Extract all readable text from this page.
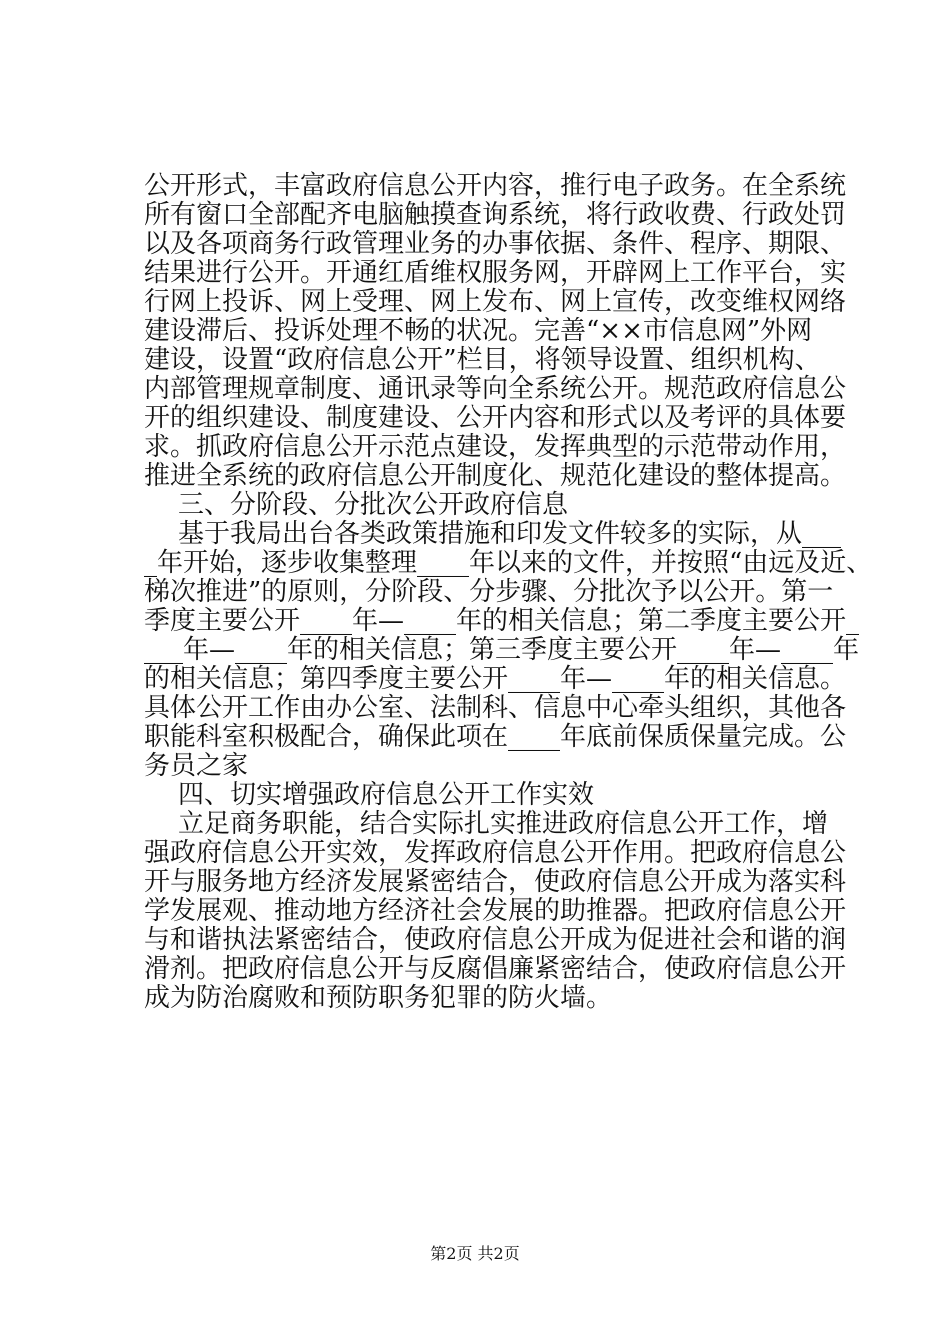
公开形式，丰富政府信息公开内容，推行电子政务。在全系统
所有窗口全部配齐电脑触摸查询系统，将行政收费、行政处罚
以及各项商务行政管理业务的办事依据、条件、程序、期限、
结果进行公开。开通红盾维权服务网，开辟网上工作平台，实
行网上投诉、网上受理、网上发布、网上宣传，改变维权网络
建设滞后、投诉处理不畅的状况。完善“××市信息网”外网
建设，设置“政府信息公开”栏目，将领导设置、组织机构、
内部管理规章制度、通讯录等向全系统公开。规范政府信息公
开的组织建设、制度建设、公开内容和形式以及考评的具体要
求。抓政府信息公开示范点建设，发挥典型的示范带动作用，
推进全系统的政府信息公开制度化、规范化建设的整体提高。
三、分阶段、分批次公开政府信息
基于我局出台各类政策措施和印发文件较多的实际，从___
_年开始，逐步收集整理____年以来的文件，并按照“由远及近、
梯次推进”的原则，分阶段、分步骤、分批次予以公开。第一
季度主要公开____年—____年的相关信息；第二季度主要公开_
___年—____年的相关信息；第三季度主要公开____年—____年
的相关信息；第四季度主要公开____年—____年的相关信息。
具体公开工作由办公室、法制科、信息中心牵头组织，其他各
职能科室积极配合，确保此项在____年底前保质保量完成。公
务员之家
四、切实增强政府信息公开工作实效
立足商务职能，结合实际扎实推进政府信息公开工作，增
强政府信息公开实效，发挥政府信息公开作用。把政府信息公
开与服务地方经济发展紧密结合，使政府信息公开成为落实科
学发展观、推动地方经济社会发展的助推器。把政府信息公开
与和谐执法紧密结合，使政府信息公开成为促进社会和谐的润
滑剂。把政府信息公开与反腐倡廉紧密结合，使政府信息公开
成为防治腐败和预防职务犯罪的防火墙。
第2页 共2页
